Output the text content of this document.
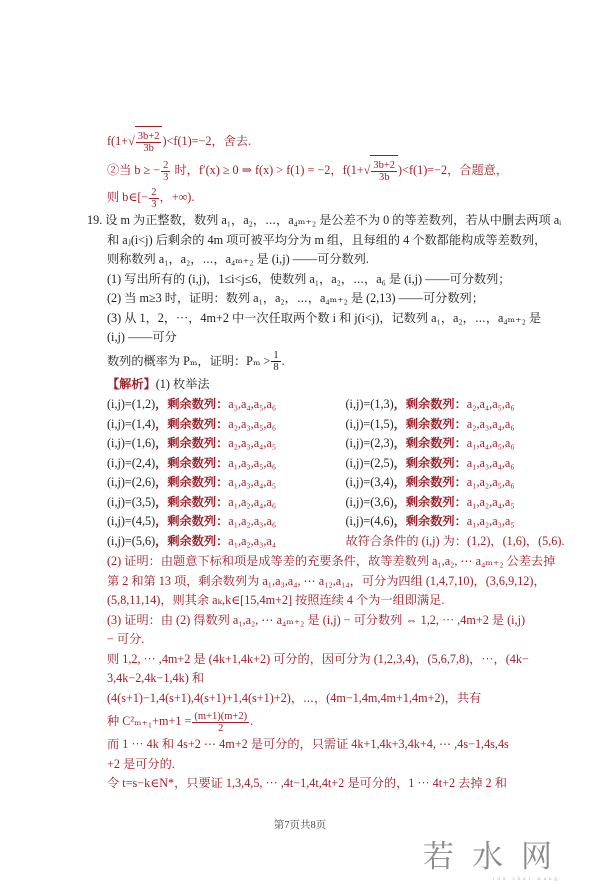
$f(1+√ \frac{3b+2}{3b} )<f(1)=-2$，舍去.
②当 b ≥ − $\frac{2}{3}$ 时，f′(x) ≥ 0 ⇒ f(x) > f(1) = −2，$f(1+√ \frac{3b+2}{3b} )<f(1)=-2$，合题意，
则 b∈[− $\frac{2}{3}$ ，+∞).
19. 设 m 为正整数，数列 a₁，a₂，⋯，a₄ₘ₊₂ 是公差不为 0 的等差数列，若从中删去两项 aᵢ
和 aⱼ(i<j) 后剩余的 4m 项可被平均分为 m 组，且每组的 4 个数都能构成等差数列，
则称数列 a₁，a₂，⋯，a₄ₘ₊₂ 是 (i,j) ——可分数列.
(1) 写出所有的 (i,j)，1≤i<j≤6，使数列 a₁，a₂，⋯，a₆ 是 (i,j) ——可分数列；
(2) 当 m≥3 时，证明：数列 a₁，a₂，⋯，a₄ₘ₊₂ 是 (2,13) ——可分数列；
(3) 从 1，2，⋯，4m+2 中一次任取两个数 i 和 j(i<j)，记数列 a₁，a₂，⋯，a₄ₘ₊₂ 是
(i,j) ——可分
数列的概率为 Pₘ，证明：$P_m > \frac{1}{8}$ .
【解析】(1) 枚举法
(i,j)=(1,2)，剩余数列：a₃,a₄,a₅,a₆	(i,j)=(1,3)，剩余数列：a₂,a₄,a₅,a₆
(i,j)=(1,4)，剩余数列：a₂,a₃,a₅,a₆	(i,j)=(1,5)，剩余数列：a₂,a₃,a₄,a₆
(i,j)=(1,6)，剩余数列：a₂,a₃,a₄,a₅	(i,j)=(2,3)，剩余数列：a₁,a₄,a₅,a₆
(i,j)=(2,4)，剩余数列：a₁,a₃,a₅,a₆	(i,j)=(2,5)，剩余数列：a₁,a₃,a₄,a₆
(i,j)=(2,6)，剩余数列：a₁,a₃,a₄,a₅	(i,j)=(3,4)，剩余数列：a₁,a₂,a₅,a₆
(i,j)=(3,5)，剩余数列：a₁,a₂,a₄,a₆	(i,j)=(3,6)，剩余数列：a₁,a₂,a₄,a₅
(i,j)=(4,5)，剩余数列：a₁,a₂,a₃,a₆	(i,j)=(4,6)，剩余数列：a₁,a₂,a₃,a₅
(i,j)=(5,6)，剩余数列：a₁,a₂,a₃,a₄	故符合条件的 (i,j) 为：(1,2)，(1,6)，(5,6).
(2) 证明：由题意下标和项是成等差的充要条件，故等差数列 a₁,a₂, ⋯ a₄ₘ₊₂ 公差去掉
第 2 和第 13 项，剩余数列为 a₁,a₃,a₄, ⋯ a₁₂,a₁₄，可分为四组 (1,4,7,10)，(3,6,9,12)，
(5,8,11,14)，则其余 aₖ,k∈[15,4m+2] 按照连续 4 个为一组即满足.
(3) 证明：由 (2) 得数列 a₁,a₂, ⋯ a₄ₘ₊₂ 是 (i,j) − 可分数列 ⇔ 1,2, ⋯ ,4m+2 是 (i,j)
− 可分.
则 1,2, ⋯ ,4m+2 是 (4k+1,4k+2) 可分的，因可分为 (1,2,3,4)，(5,6,7,8)，⋯，(4k−
3,4k−2,4k−1,4k) 和
(4(s+1)−1,4(s+1),4(s+1)+1,4(s+1)+2)，⋯，(4m−1,4m,4m+1,4m+2)，共有
种 $C^2_{m+1}+m+1 = \frac{(m+1)(m+2)}{2}$ .
而 1 ⋯ 4k 和 4s+2 ⋯ 4m+2 是可分的，只需证 4k+1,4k+3,4k+4, ⋯ ,4s−1,4s,4s
+2 是可分的.
令 t=s−k∈N*，只要证 1,3,4,5, ⋯ ,4t−1,4t,4t+2 是可分的，1 ⋯ 4t+2 去掉 2 和
第7页共8页
若水网
ruo shui wang
